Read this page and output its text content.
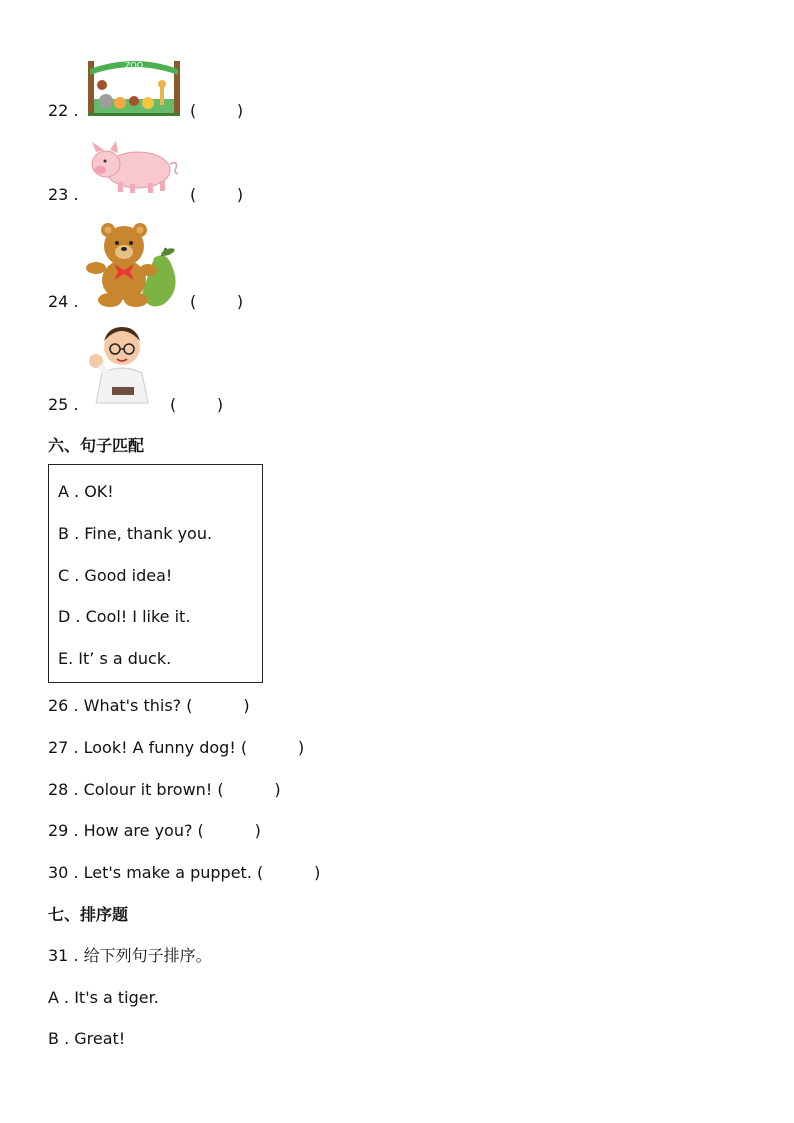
22 .
ZOO
(        )
23 .	(        )
24 .	(        )
25 .	(        )
六、句子匹配
A . OK!
B . Fine, thank you.
C . Good idea!
D . Cool! I like it.
E. It’ s a duck.
26 . What's this? (          )
27 . Look! A funny dog! (          )
28 . Colour it brown! (          )
29 . How are you? (          )
30 . Let's make a puppet. (          )
七、排序题
31 . 给下列句子排序。
A . It's a tiger.
B . Great!
